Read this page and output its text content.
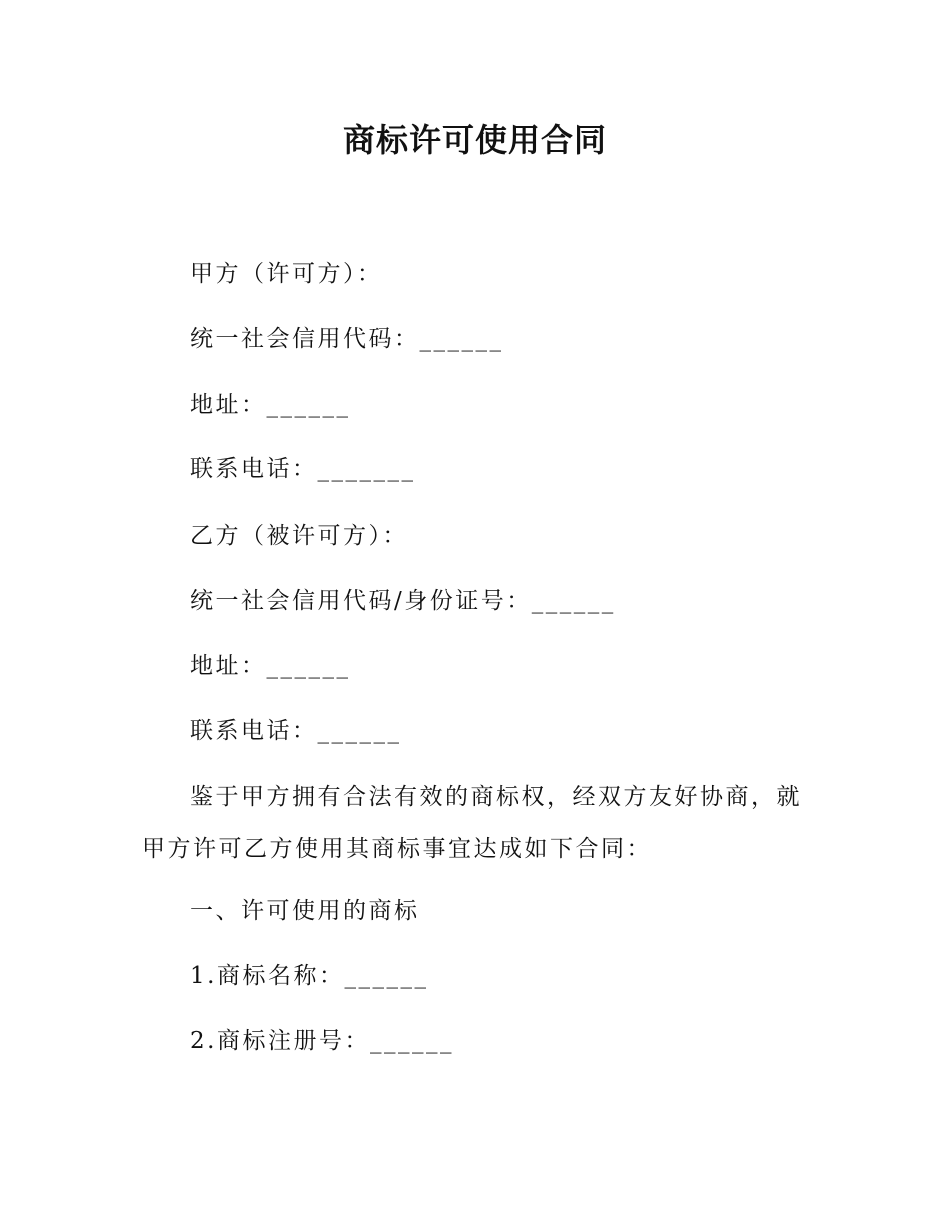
商标许可使用合同
甲方（许可方）：
统一社会信用代码：______
地址：______
联系电话：_______
乙方（被许可方）：
统一社会信用代码/身份证号：______
地址：______
联系电话：______
鉴于甲方拥有合法有效的商标权，经双方友好协商，就甲方许可乙方使用其商标事宜达成如下合同：
一、许可使用的商标
1.商标名称：______
2.商标注册号：______
